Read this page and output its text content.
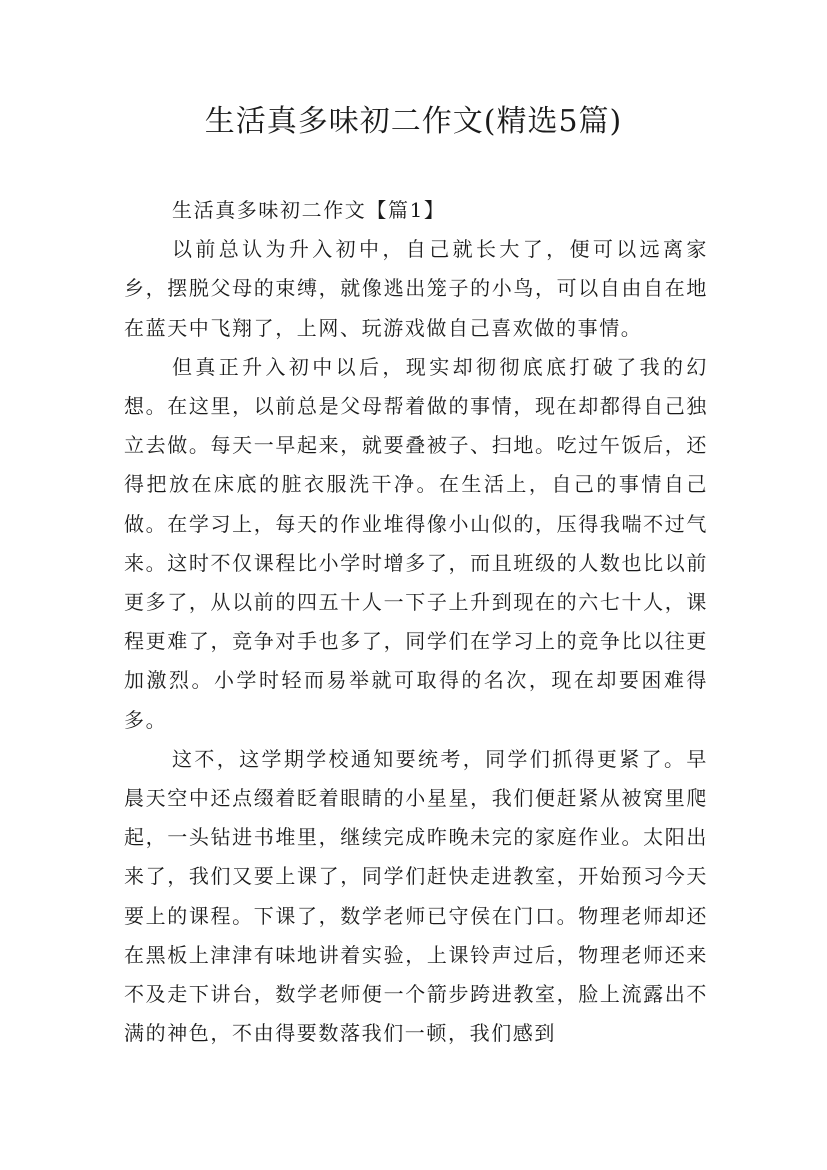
生活真多味初二作文(精选5篇)

生活真多味初二作文【篇1】

以前总认为升入初中，自己就长大了，便可以远离家乡，摆脱父母的束缚，就像逃出笼子的小鸟，可以自由自在地在蓝天中飞翔了，上网、玩游戏做自己喜欢做的事情。

但真正升入初中以后，现实却彻彻底底打破了我的幻想。在这里，以前总是父母帮着做的事情，现在却都得自己独立去做。每天一早起来，就要叠被子、扫地。吃过午饭后，还得把放在床底的脏衣服洗干净。在生活上，自己的事情自己做。在学习上，每天的作业堆得像小山似的，压得我喘不过气来。这时不仅课程比小学时增多了，而且班级的人数也比以前更多了，从以前的四五十人一下子上升到现在的六七十人，课程更难了，竞争对手也多了，同学们在学习上的竞争比以往更加激烈。小学时轻而易举就可取得的名次，现在却要困难得多。

这不，这学期学校通知要统考，同学们抓得更紧了。早晨天空中还点缀着眨着眼睛的小星星，我们便赶紧从被窝里爬起，一头钻进书堆里，继续完成昨晚未完的家庭作业。太阳出来了，我们又要上课了，同学们赶快走进教室，开始预习今天要上的课程。下课了，数学老师已守侯在门口。物理老师却还在黑板上津津有味地讲着实验，上课铃声过后，物理老师还来不及走下讲台，数学老师便一个箭步跨进教室，脸上流露出不满的神色，不由得要数落我们一顿，我们感到
